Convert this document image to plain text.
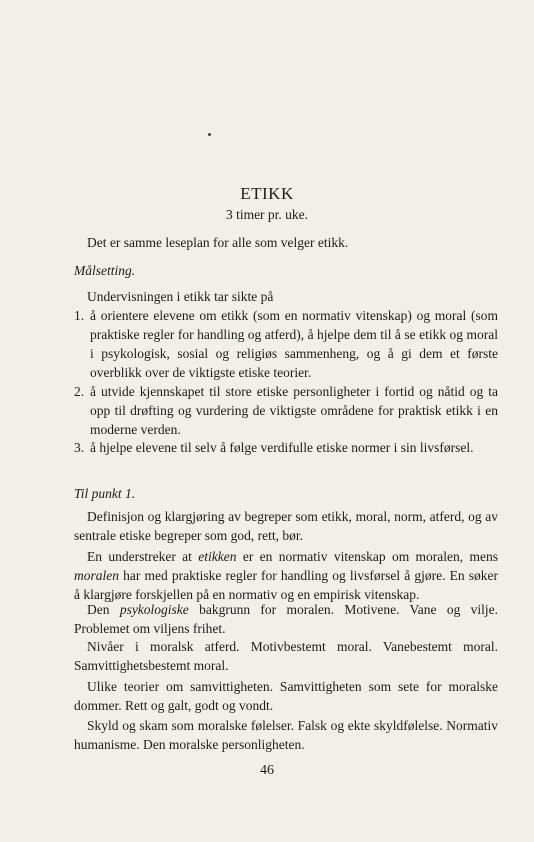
ETIKK
3 timer pr. uke.
Det er samme leseplan for alle som velger etikk.
Målsetting.
Undervisningen i etikk tar sikte på
1. å orientere elevene om etikk (som en normativ vitenskap) og moral (som praktiske regler for handling og atferd), å hjelpe dem til å se etikk og moral i psykologisk, sosial og religiøs sammenheng, og å gi dem et første overblikk over de viktigste etiske teorier.
2. å utvide kjennskapet til store etiske personligheter i fortid og nåtid og ta opp til drøfting og vurdering de viktigste områdene for praktisk etikk i en moderne verden.
3. å hjelpe elevene til selv å følge verdifulle etiske normer i sin livsførsel.
Til punkt 1.
Definisjon og klargjøring av begreper som etikk, moral, norm, atferd, og av sentrale etiske begreper som god, rett, bør.
En understreker at etikken er en normativ vitenskap om moralen, mens moralen har med praktiske regler for handling og livsførsel å gjøre. En søker å klargjøre forskjellen på en normativ og en empirisk vitenskap.
Den psykologiske bakgrunn for moralen. Motivene. Vane og vilje. Problemet om viljens frihet.
Nivåer i moralsk atferd. Motivbestemt moral. Vanebestemt moral. Samvittighetsbestemt moral.
Ulike teorier om samvittigheten. Samvittigheten som sete for moralske dommer. Rett og galt, godt og vondt.
Skyld og skam som moralske følelser. Falsk og ekte skyldfølelse. Normativ humanisme. Den moralske personligheten.
46
